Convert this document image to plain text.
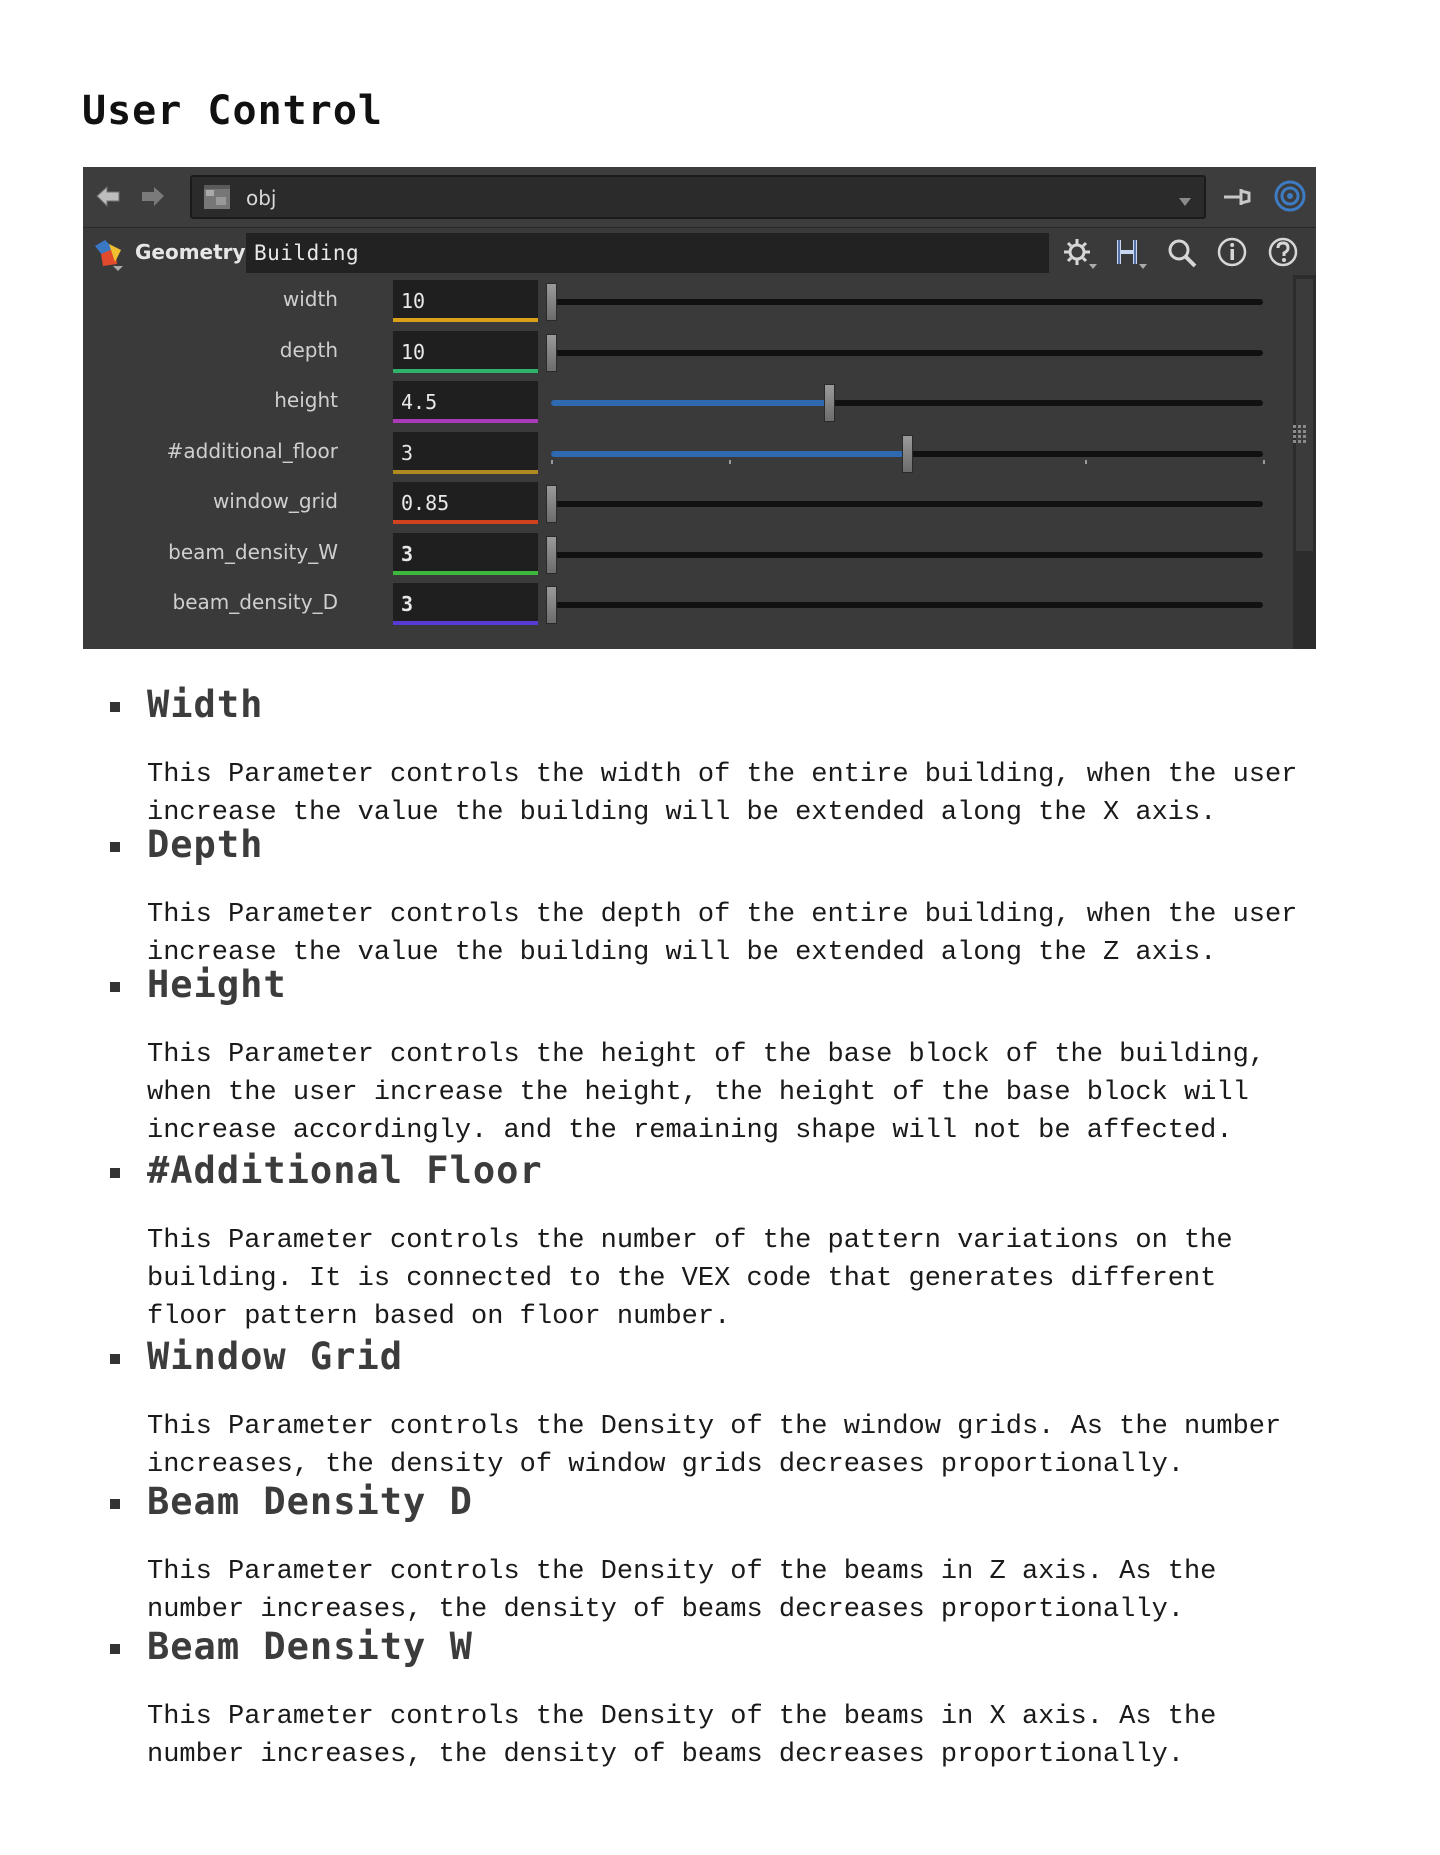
User Control
obj
Geometry Building
width	10
depth	10
height	4.5
#additional_floor	3
window_grid	0.85
beam_density_W	3
beam_density_D	3
Width

This Parameter controls the width of the entire building, when the user
increase the value the building will be extended along the X axis.

Depth

This Parameter controls the depth of the entire building, when the user
increase the value the building will be extended along the Z axis.

Height

This Parameter controls the height of the base block of the building,
when the user increase the height, the height of the base block will
increase accordingly. and the remaining shape will not be affected.

#Additional Floor

This Parameter controls the number of the pattern variations on the
building. It is connected to the VEX code that generates different
floor pattern based on floor number.

Window Grid

This Parameter controls the Density of the window grids. As the number
increases, the density of window grids decreases proportionally.

Beam Density D

This Parameter controls the Density of the beams in Z axis. As the
number increases, the density of beams decreases proportionally.

Beam Density W

This Parameter controls the Density of the beams in X axis. As the
number increases, the density of beams decreases proportionally.
